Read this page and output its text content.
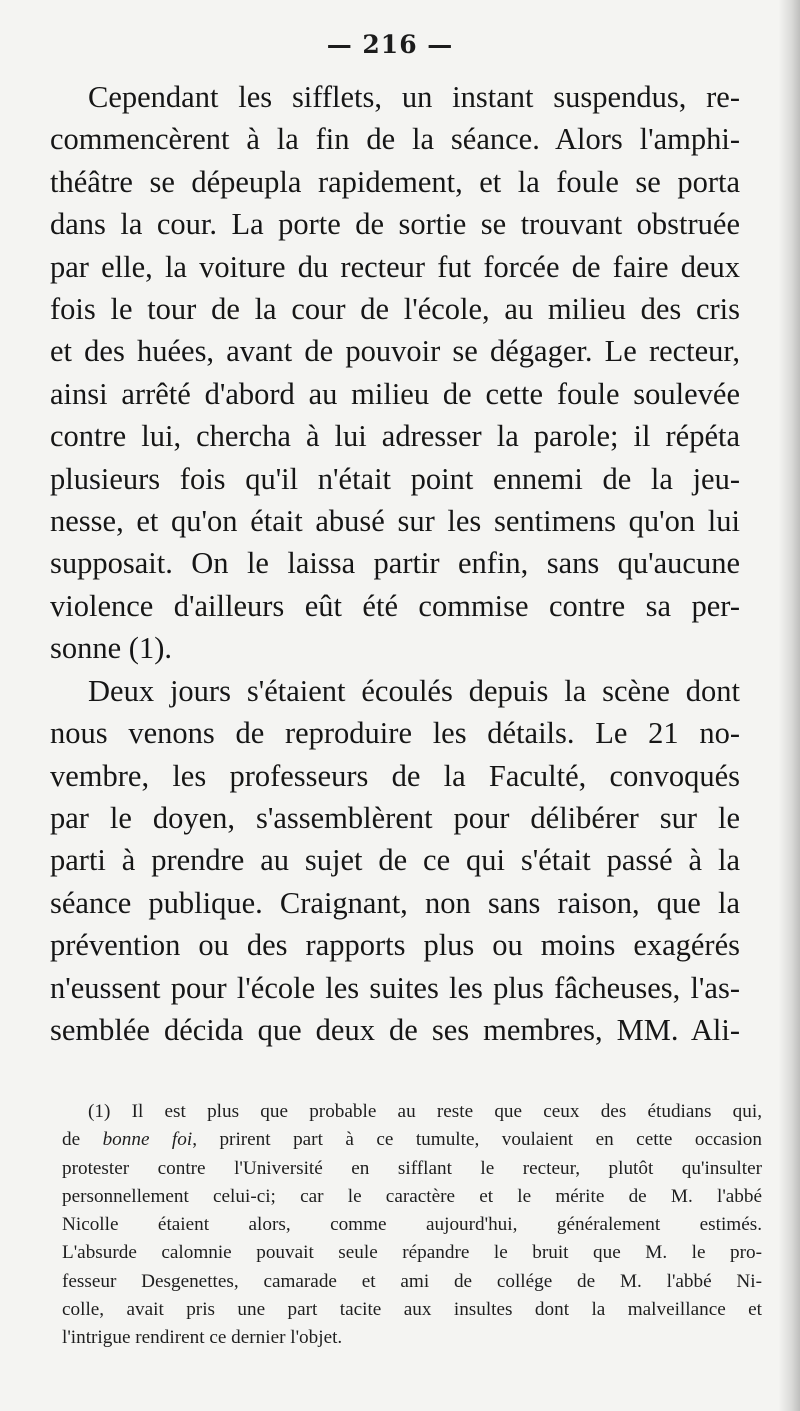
— 216 —
Cependant les sifflets, un instant suspendus, re-
commencèrent à la fin de la séance. Alors l'amphi-
théâtre se dépeupla rapidement, et la foule se porta
dans la cour. La porte de sortie se trouvant obstruée
par elle, la voiture du recteur fut forcée de faire deux
fois le tour de la cour de l'école, au milieu des cris
et des huées, avant de pouvoir se dégager. Le recteur,
ainsi arrêté d'abord au milieu de cette foule soulevée
contre lui, chercha à lui adresser la parole; il répéta
plusieurs fois qu'il n'était point ennemi de la jeu-
nesse, et qu'on était abusé sur les sentimens qu'on lui
supposait. On le laissa partir enfin, sans qu'aucune
violence d'ailleurs eût été commise contre sa per-
sonne (1).
Deux jours s'étaient écoulés depuis la scène dont
nous venons de reproduire les détails. Le 21 no-
vembre, les professeurs de la Faculté, convoqués
par le doyen, s'assemblèrent pour délibérer sur le
parti à prendre au sujet de ce qui s'était passé à la
séance publique. Craignant, non sans raison, que la
prévention ou des rapports plus ou moins exagérés
n'eussent pour l'école les suites les plus fâcheuses, l'as-
semblée décida que deux de ses membres, MM. Ali-
(1) Il est plus que probable au reste que ceux des étudians qui,
de bonne foi, prirent part à ce tumulte, voulaient en cette occasion
protester contre l'Université en sifflant le recteur, plutôt qu'insulter
personnellement celui-ci; car le caractère et le mérite de M. l'abbé
Nicolle étaient alors, comme aujourd'hui, généralement estimés.
L'absurde calomnie pouvait seule répandre le bruit que M. le pro-
fesseur Desgenettes, camarade et ami de collége de M. l'abbé Ni-
colle, avait pris une part tacite aux insultes dont la malveillance et
l'intrigue rendirent ce dernier l'objet.
